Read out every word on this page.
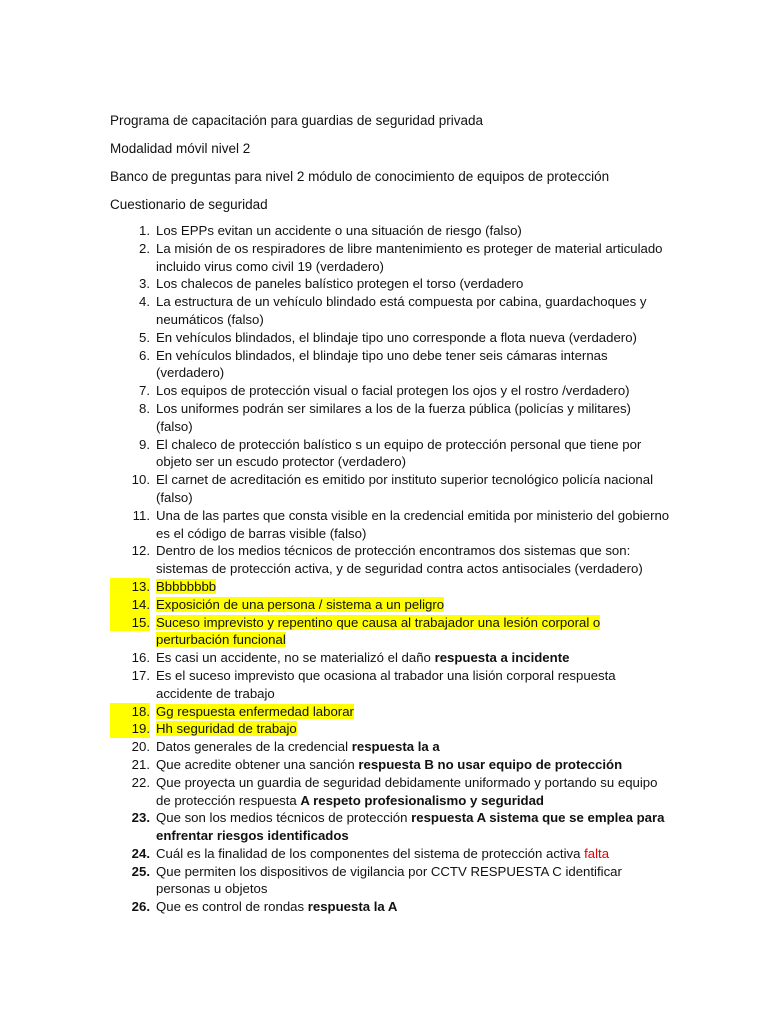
Programa de capacitación para guardias de seguridad privada

Modalidad móvil nivel 2

Banco de preguntas para nivel 2 módulo de conocimiento de equipos de protección

Cuestionario de seguridad

1. Los EPPs evitan un accidente o una situación de riesgo (falso)
2. La misión de os respiradores de libre mantenimiento es proteger de material articulado incluido virus como civil 19 (verdadero)
3. Los chalecos de paneles balístico protegen el torso (verdadero
4. La estructura de un vehículo blindado está compuesta por cabina, guardachoques y neumáticos (falso)
5. En vehículos blindados, el blindaje tipo uno corresponde a flota nueva (verdadero)
6. En vehículos blindados, el blindaje tipo uno debe tener seis cámaras internas (verdadero)
7. Los equipos de protección visual o facial protegen los ojos y el rostro /verdadero)
8. Los uniformes podrán ser similares a los de la fuerza pública (policías y militares) (falso)
9. El chaleco de protección balístico s un equipo de protección personal que tiene por objeto ser un escudo protector (verdadero)
10. El carnet de acreditación es emitido por instituto superior tecnológico policía nacional (falso)
11. Una de las partes que consta visible en la credencial emitida por ministerio del gobierno es el código de barras visible (falso)
12. Dentro de los medios técnicos de protección encontramos dos sistemas que son: sistemas de protección activa, y de seguridad contra actos antisociales (verdadero)
13. Bbbbbbbb
14. Exposición de una persona / sistema a un peligro
15. Suceso imprevisto y repentino que causa al trabajador una lesión corporal o perturbación funcional
16. Es casi un accidente, no se materializó el daño respuesta a incidente
17. Es el suceso imprevisto que ocasiona al trabador una lisión corporal respuesta accidente de trabajo
18. Gg respuesta enfermedad laborar
19. Hh seguridad de trabajo
20. Datos generales de la credencial respuesta la a
21. Que acredite obtener una sanción respuesta B no usar equipo de protección
22. Que proyecta un guardia de seguridad debidamente uniformado y portando su equipo de protección respuesta A respeto profesionalismo y seguridad
23. Que son los medios técnicos de protección respuesta A sistema que se emplea para enfrentar riesgos identificados
24. Cuál es la finalidad de los componentes del sistema de protección activa falta
25. Que permiten los dispositivos de vigilancia por CCTV RESPUESTA C identificar personas u objetos
26. Que es control de rondas respuesta la A
